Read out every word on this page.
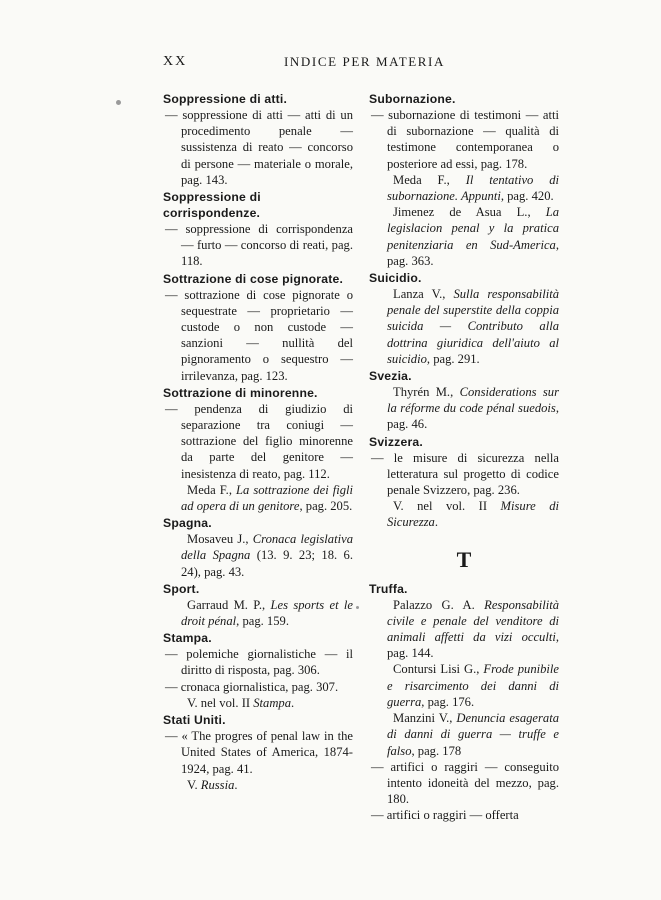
XX	INDICE PER MATERIA
Soppressione di atti.
— soppressione di atti — atti di un procedimento penale — sussistenza di reato — concorso di persone — materiale o morale, pag. 143.
Soppressione di corrispondenze.
— soppressione di corrispondenza — furto — concorso di reati, pag. 118.
Sottrazione di cose pignorate.
— sottrazione di cose pignorate o sequestrate — proprietario — custode o non custode — sanzioni — nullità del pignoramento o sequestro — irrilevanza, pag. 123.
Sottrazione di minorenne.
— pendenza di giudizio di separazione tra coniugi — sottrazione del figlio minorenne da parte del genitore — inesistenza di reato, pag. 112.
Meda F., La sottrazione dei figli ad opera di un genitore, pag. 205.
Spagna.
Mosaveu J., Cronaca legislativa della Spagna (13. 9. 23; 18. 6. 24), pag. 43.
Sport.
Garraud M. P., Les sports et le droit pénal, pag. 159.
Stampa.
— polemiche giornalistiche — il diritto di risposta, pag. 306.
— cronaca giornalistica, pag. 307.
V. nel vol. II Stampa.
Stati Uniti.
— « The progres of penal law in the United States of America, 1874-1924, pag. 41.
V. Russia.
Subornazione.
— subornazione di testimoni — atti di subornazione — qualità di testimone contemporanea o posteriore ad essi, pag. 178.
Meda F., Il tentativo di subornazione. Appunti, pag. 420.
Jimenez de Asua L., La legislacion penal y la pratica penitenziaria en Sud-America, pag. 363.
Suicidio.
Lanza V., Sulla responsabilità penale del superstite della coppia suicida — Contributo alla dottrina giuridica dell'aiuto al suicidio, pag. 291.
Svezia.
Thyrén M., Considerations sur la réforme du code pénal suedois, pag. 46.
Svizzera.
— le misure di sicurezza nella letteratura sul progetto di codice penale Svizzero, pag. 236.
V. nel vol. II Misure di Sicurezza.
T
Truffa.
Palazzo G. A. Responsabilità civile e penale del venditore di animali affetti da vizi occulti, pag. 144.
Contursi Lisi G., Frode punibile e risarcimento dei danni di guerra, pag. 176.
Manzini V., Denuncia esagerata di danni di guerra — truffe e falso, pag. 178
— artifici o raggiri — conseguito intento idoneità del mezzo, pag. 180.
— artifici o raggiri — offerta
